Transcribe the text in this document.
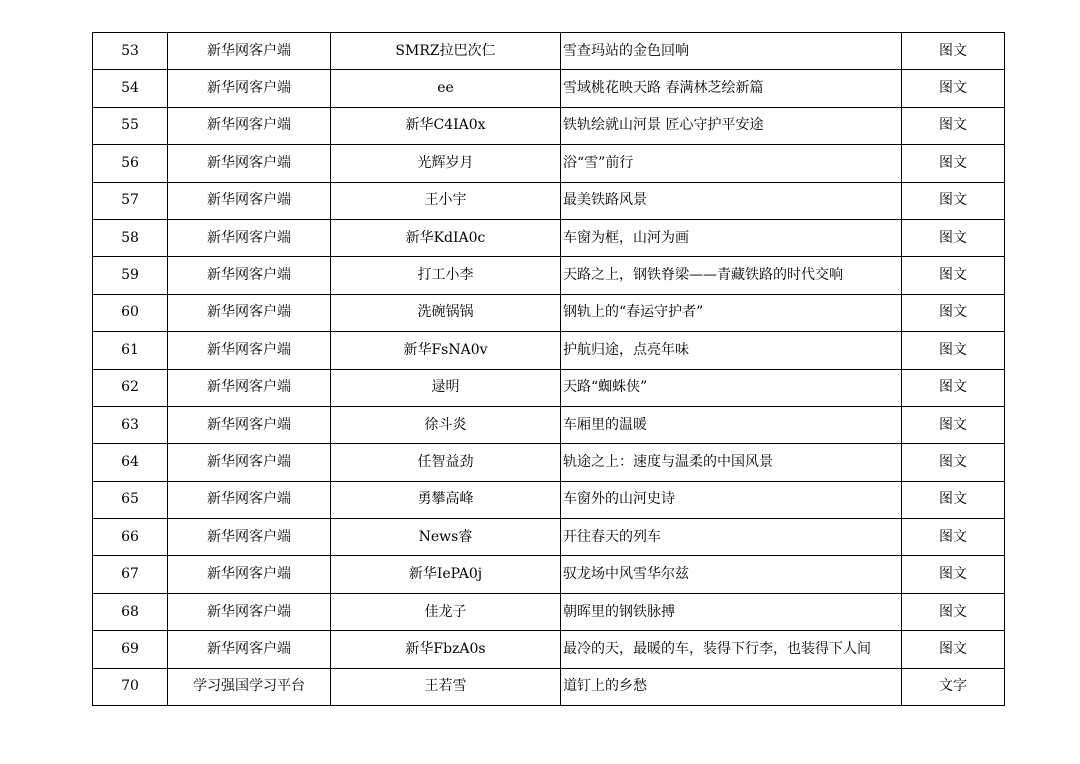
53	新华网客户端	SMRZ拉巴次仁	雪查玛站的金色回响	图文
54	新华网客户端	ee	雪域桃花映天路 春满林芝绘新篇	图文
55	新华网客户端	新华C4IA0x	铁轨绘就山河景 匠心守护平安途	图文
56	新华网客户端	光辉岁月	浴“雪”前行	图文
57	新华网客户端	王小宇	最美铁路风景	图文
58	新华网客户端	新华KdIA0c	车窗为框，山河为画	图文
59	新华网客户端	打工小李	天路之上，钢铁脊梁——青藏铁路的时代交响	图文
60	新华网客户端	洗碗锅锅	钢轨上的“春运守护者”	图文
61	新华网客户端	新华FsNA0v	护航归途，点亮年味	图文
62	新华网客户端	逯明	天路“蜘蛛侠”	图文
63	新华网客户端	徐斗炎	车厢里的温暖	图文
64	新华网客户端	任智益劲	轨途之上：速度与温柔的中国风景	图文
65	新华网客户端	勇攀高峰	车窗外的山河史诗	图文
66	新华网客户端	News睿	开往春天的列车	图文
67	新华网客户端	新华IePA0j	驭龙场中风雪华尔兹	图文
68	新华网客户端	佳龙子	朝晖里的钢铁脉搏	图文
69	新华网客户端	新华FbzA0s	最冷的天，最暖的车，装得下行李，也装得下人间	图文
70	学习强国学习平台	王若雪	道钉上的乡愁	文字
